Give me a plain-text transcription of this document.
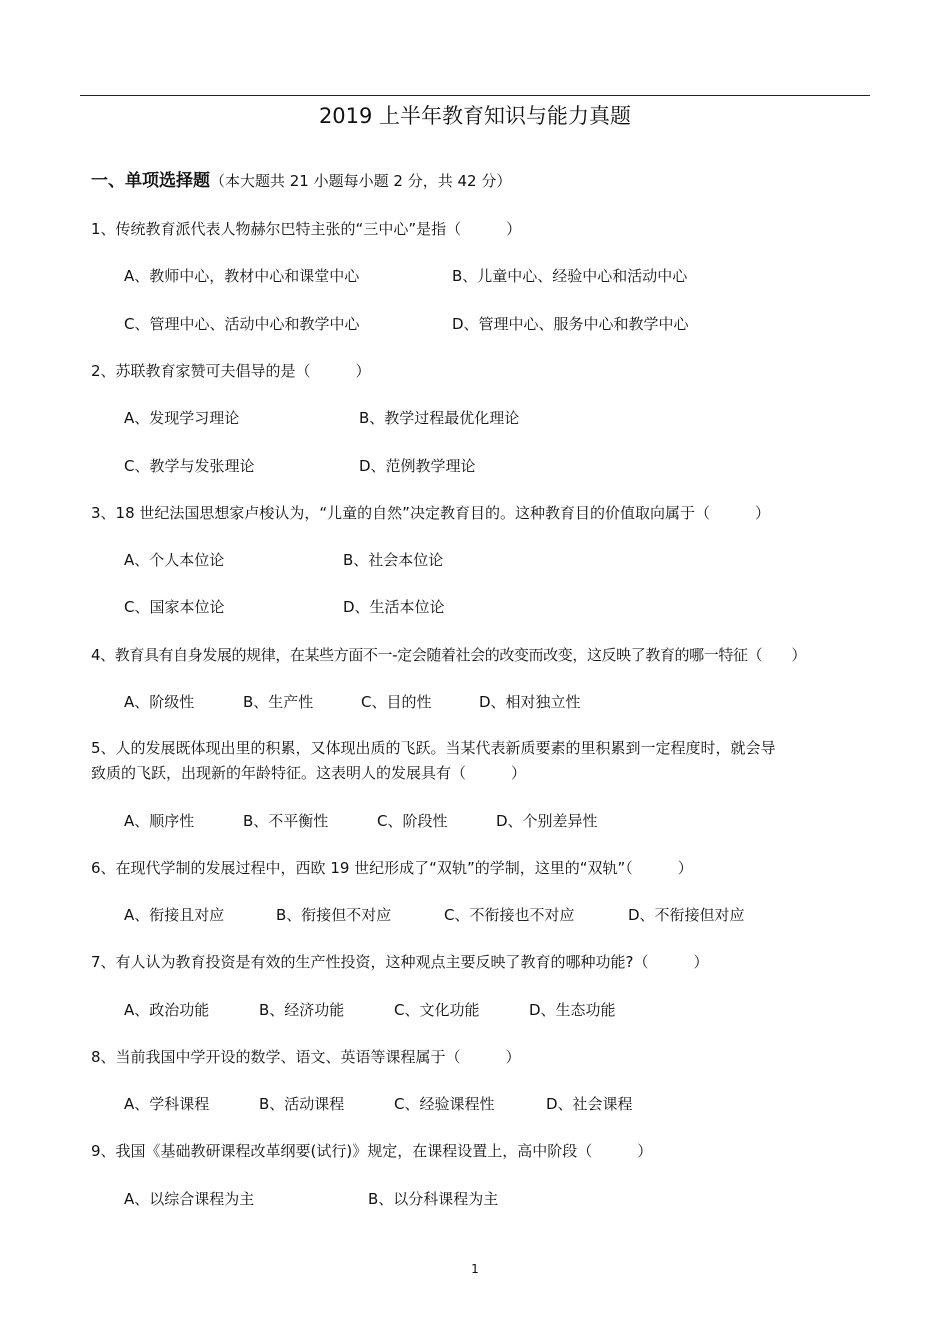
2019 上半年教育知识与能力真题
一、单项选择题（本大题共 21 小题每小题 2 分，共 42 分）
1、传统教育派代表人物赫尔巴特主张的“三中心”是指（　　　）
A、教师中心，教材中心和课堂中心	B、儿童中心、经验中心和活动中心
C、管理中心、活动中心和教学中心	D、管理中心、服务中心和教学中心
2、苏联教育家赞可夫倡导的是（　　　）
A、发现学习理论	B、教学过程最优化理论
C、教学与发张理论	D、范例教学理论
3、18 世纪法国思想家卢梭认为，“儿童的自然”决定教育目的。这种教育目的价值取向属于（　　　）
A、个人本位论	B、社会本位论
C、国家本位论	D、生活本位论
4、教育具有自身发展的规律，在某些方面不一-定会随着社会的改变而改变，这反映了教育的哪一特征（　　）
A、阶级性	B、生产性	C、目的性	D、相对独立性
5、人的发展既体现出里的积累，又体现出质的飞跃。当某代表新质要素的里积累到一定程度时，就会导
致质的飞跃，出现新的年龄特征。这表明人的发展具有（　　　）
A、顺序性	B、不平衡性	C、阶段性	D、个别差异性
6、在现代学制的发展过程中，西欧 19 世纪形成了“双轨”的学制，这里的“双轨”（　　　）
A、衔接且对应	B、衔接但不对应	C、不衔接也不对应	D、不衔接但对应
7、有人认为教育投资是有效的生产性投资，这种观点主要反映了教育的哪种功能?（　　　）
A、政治功能	B、经济功能	C、文化功能	D、生态功能
8、当前我国中学开设的数学、语文、英语等课程属于（　　　）
A、学科课程	B、活动课程	C、经验课程性	D、社会课程
9、我国《基础教研课程改革纲要(试行)》规定，在课程设置上，高中阶段（　　　）
A、以综合课程为主	B、以分科课程为主
1
